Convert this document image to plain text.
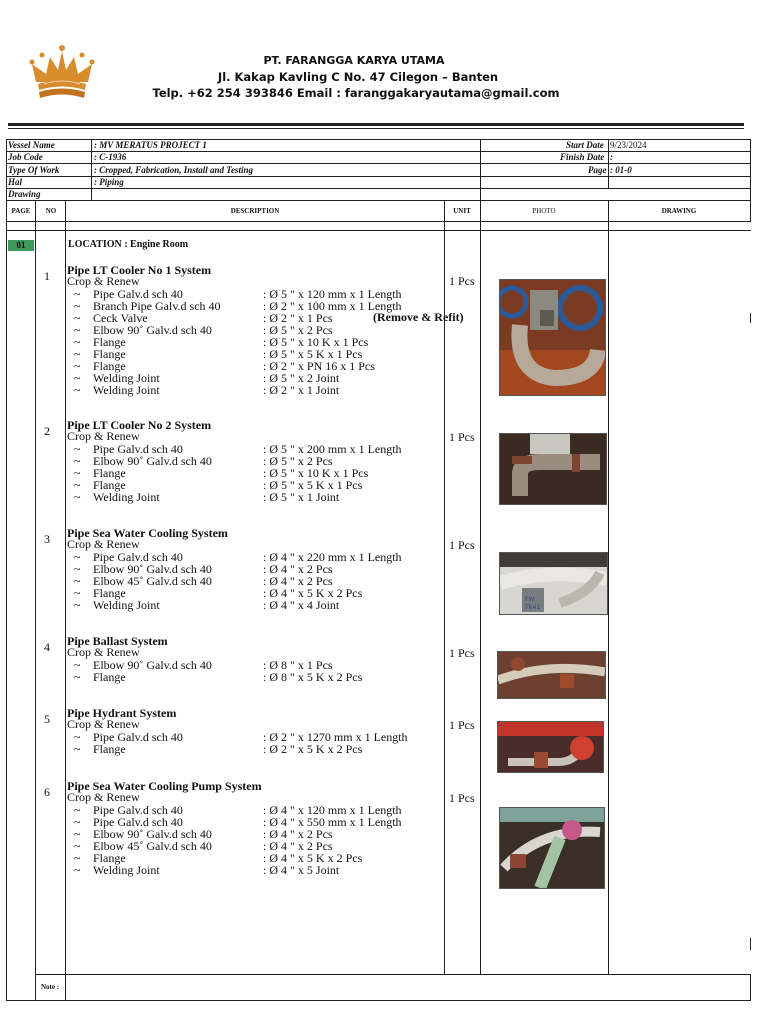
PT. FARANGGA KARYA UTAMA
Jl. Kakap Kavling C No. 47 Cilegon – Banten
Telp. +62 254 393846 Email : faranggakaryautama@gmail.com
Vessel Name	: MV MERATUS PROJECT 1
Job Code	: C-1936
Type Of Work	: Cropped, Fabrication, Install and Testing
Hal	: Piping
Drawing
Start Date 9/23/2024
Finish Date :
Page : 01-0
PAGE	NO	DESCRIPTION	UNIT	PHOTO	DRAWING
01	LOCATION : Engine Room
1 Pipe LT Cooler No 1 System
Crop & Renew	1 Pcs
~ Pipe Galv.d sch 40	: Ø 5 " x 120 mm x 1 Length
~ Branch Pipe Galv.d sch 40	: Ø 2 " x 100 mm x 1 Length
~ Ceck Valve	: Ø 2 " x 1 Pcs
~ Elbow 90˚ Galv.d sch 40	: Ø 5 " x 2 Pcs
~ Flange	: Ø 5 " x 10 K x 1 Pcs
~ Flange	: Ø 5 " x 5 K x 1 Pcs
~ Flange	: Ø 2 " x PN 16 x 1 Pcs
~ Welding Joint	: Ø 5 " x 2 Joint
~ Welding Joint	: Ø 2 " x 1 Joint
2 Pipe LT Cooler No 2 System
Crop & Renew	1 Pcs
~ Pipe Galv.d sch 40	: Ø 5 " x 200 mm x 1 Length
~ Elbow 90˚ Galv.d sch 40	: Ø 5 " x 2 Pcs
~ Flange	: Ø 5 " x 10 K x 1 Pcs
~ Flange	: Ø 5 " x 5 K x 1 Pcs
~ Welding Joint	: Ø 5 " x 1 Joint
3 Pipe Sea Water Cooling System
Crop & Renew	1 Pcs
~ Pipe Galv.d sch 40	: Ø 4 " x 220 mm x 1 Length
~ Elbow 90˚ Galv.d sch 40	: Ø 4 " x 2 Pcs
~ Elbow 45˚ Galv.d sch 40	: Ø 4 " x 2 Pcs
~ Flange	: Ø 4 " x 5 K x 2 Pcs
~ Welding Joint	: Ø 4 " x 4 Joint
4 Pipe Ballast System
Crop & Renew	1 Pcs
~ Elbow 90˚ Galv.d sch 40	: Ø 8 " x 1 Pcs
~ Flange	: Ø 8 " x 5 K x 2 Pcs
5 Pipe Hydrant System
Crop & Renew	1 Pcs
~ Pipe Galv.d sch 40	: Ø 2 " x 1270 mm x 1 Length
~ Flange	: Ø 2 " x 5 K x 2 Pcs
6 Pipe Sea Water Cooling Pump System
Crop & Renew	1 Pcs
~ Pipe Galv.d sch 40	: Ø 4 " x 120 mm x 1 Length
~ Pipe Galv.d sch 40	: Ø 4 " x 550 mm x 1 Length
~ Elbow 90˚ Galv.d sch 40	: Ø 4 " x 2 Pcs
~ Elbow 45˚ Galv.d sch 40	: Ø 4 " x 2 Pcs
~ Flange	: Ø 4 " x 5 K x 2 Pcs
~ Welding Joint	: Ø 4 " x 5 Joint
(Remove & Refit)
FW
TK41
Note :
